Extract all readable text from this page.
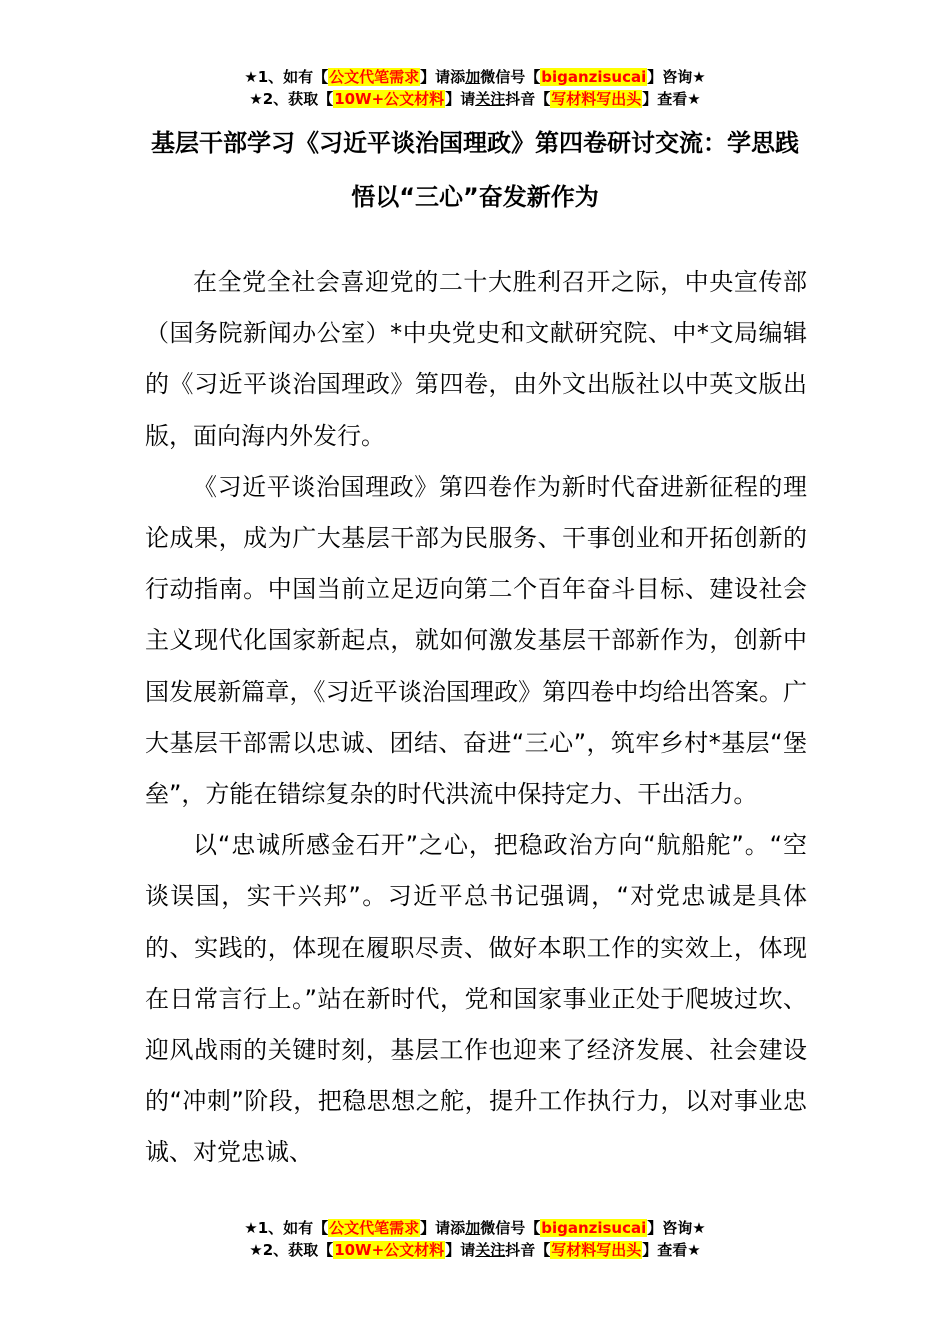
★1、如有【公文代笔需求】请添加微信号【biganzisucai】咨询★
★2、获取【10W+公文材料】请关注抖音【写材料写出头】查看★
基层干部学习《习近平谈治国理政》第四卷研讨交流：学思践悟以“三心”奋发新作为

在全党全社会喜迎党的二十大胜利召开之际，中央宣传部（国务院新闻办公室）*中央党史和文献研究院、中*文局编辑的《习近平谈治国理政》第四卷，由外文出版社以中英文版出版，面向海内外发行。

《习近平谈治国理政》第四卷作为新时代奋进新征程的理论成果，成为广大基层干部为民服务、干事创业和开拓创新的行动指南。中国当前立足迈向第二个百年奋斗目标、建设社会主义现代化国家新起点，就如何激发基层干部新作为，创新中国发展新篇章，《习近平谈治国理政》第四卷中均给出答案。广大基层干部需以忠诚、团结、奋进“三心”，筑牢乡村*基层“堡垒”，方能在错综复杂的时代洪流中保持定力、干出活力。

以“忠诚所感金石开”之心，把稳政治方向“航船舵”。“空谈误国，实干兴邦”。习近平总书记强调，“对党忠诚是具体的、实践的，体现在履职尽责、做好本职工作的实效上，体现在日常言行上。”站在新时代，党和国家事业正处于爬坡过坎、迎风战雨的关键时刻，基层工作也迎来了经济发展、社会建设的“冲刺”阶段，把稳思想之舵，提升工作执行力，以对事业忠诚、对党忠诚、

★1、如有【公文代笔需求】请添加微信号【biganzisucai】咨询★
★2、获取【10W+公文材料】请关注抖音【写材料写出头】查看★
